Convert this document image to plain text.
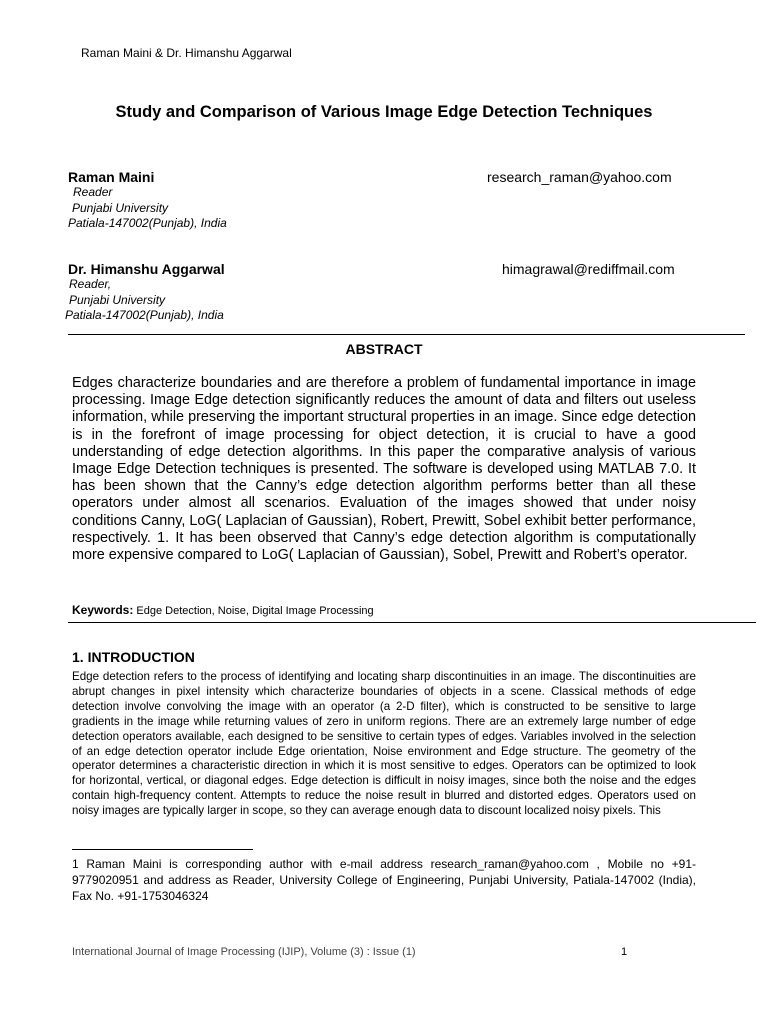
Raman Maini & Dr. Himanshu Aggarwal
Study and Comparison of Various Image Edge Detection Techniques
Raman Maini	research_raman@yahoo.com
Reader
Punjabi University
Patiala-147002(Punjab), India
Dr. Himanshu Aggarwal	himagrawal@rediffmail.com
Reader,
Punjabi University
Patiala-147002(Punjab), India
ABSTRACT
Edges characterize boundaries and are therefore a problem of fundamental importance in image processing. Image Edge detection significantly reduces the amount of data and filters out useless information, while preserving the important structural properties in an image. Since edge detection is in the forefront of image processing for object detection, it is crucial to have a good understanding of edge detection algorithms. In this paper the comparative analysis of various Image Edge Detection techniques is presented. The software is developed using MATLAB 7.0. It has been shown that the Canny’s edge detection algorithm performs better than all these operators under almost all scenarios. Evaluation of the images showed that under noisy conditions Canny, LoG( Laplacian of Gaussian), Robert, Prewitt, Sobel exhibit better performance, respectively. 1. It has been observed that Canny’s edge detection algorithm is computationally more expensive compared to LoG( Laplacian of Gaussian), Sobel, Prewitt and Robert’s operator.
Keywords: Edge Detection, Noise, Digital Image Processing
1. INTRODUCTION
Edge detection refers to the process of identifying and locating sharp discontinuities in an image. The discontinuities are abrupt changes in pixel intensity which characterize boundaries of objects in a scene. Classical methods of edge detection involve convolving the image with an operator (a 2-D filter), which is constructed to be sensitive to large gradients in the image while returning values of zero in uniform regions. There are an extremely large number of edge detection operators available, each designed to be sensitive to certain types of edges. Variables involved in the selection of an edge detection operator include Edge orientation, Noise environment and Edge structure. The geometry of the operator determines a characteristic direction in which it is most sensitive to edges. Operators can be optimized to look for horizontal, vertical, or diagonal edges. Edge detection is difficult in noisy images, since both the noise and the edges contain high-frequency content. Attempts to reduce the noise result in blurred and distorted edges. Operators used on noisy images are typically larger in scope, so they can average enough data to discount localized noisy pixels. This
1 Raman Maini is corresponding author with e-mail address research_raman@yahoo.com , Mobile no +91-9779020951 and address as Reader, University College of Engineering, Punjabi University, Patiala-147002 (India), Fax No. +91-1753046324
International Journal of Image Processing (IJIP), Volume (3) : Issue (1)	1
